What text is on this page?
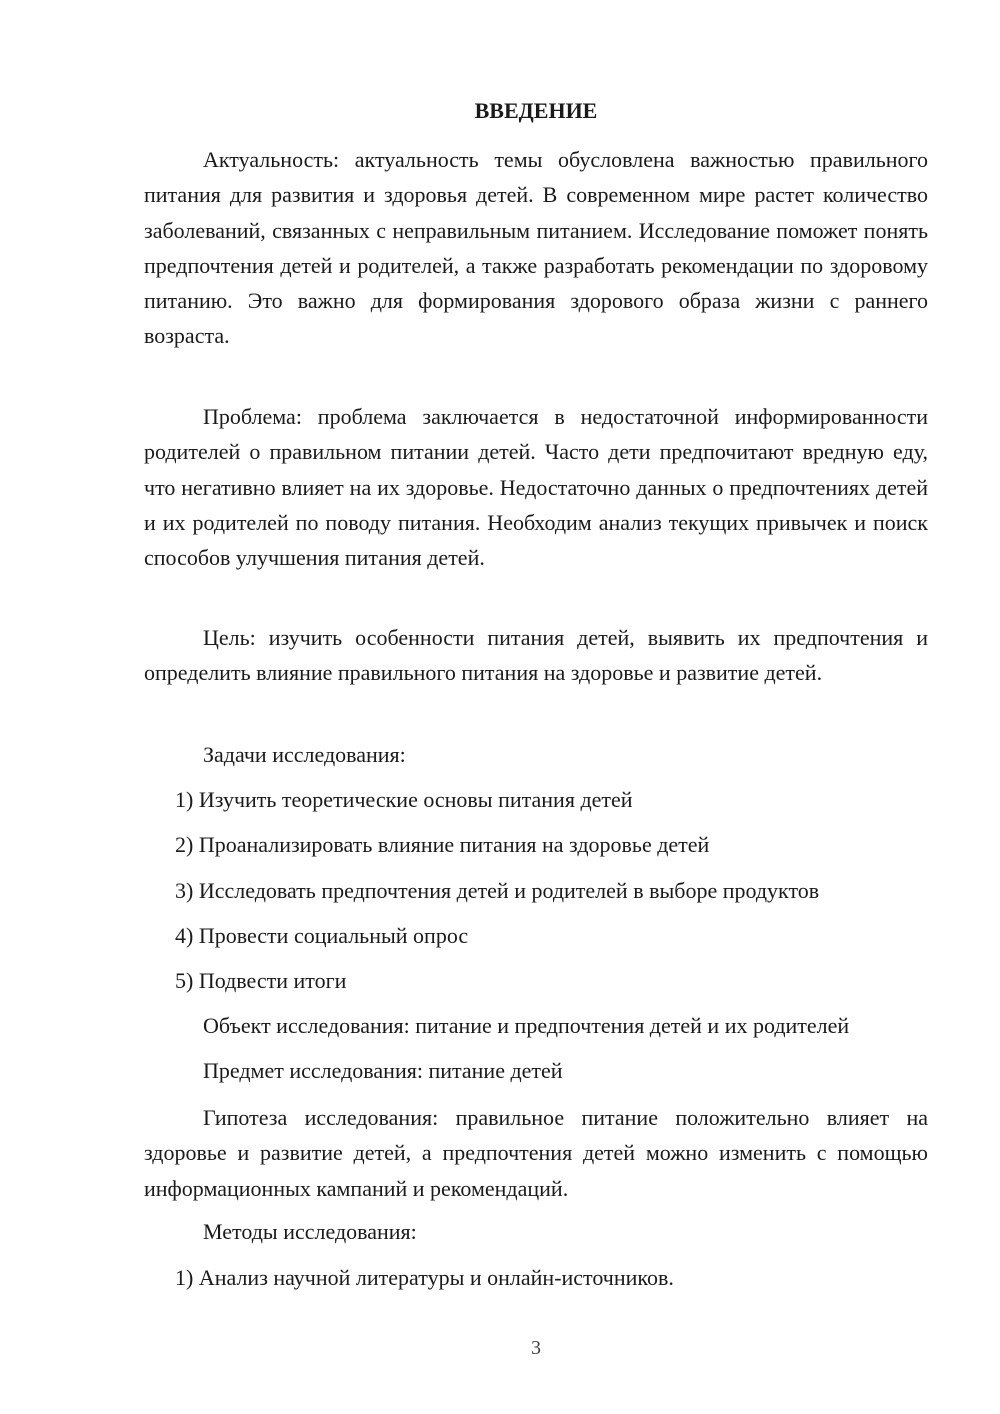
ВВЕДЕНИЕ
Актуальность: актуальность темы обусловлена важностью правильного питания для развития и здоровья детей. В современном мире растет количество заболеваний, связанных с неправильным питанием. Исследование поможет понять предпочтения детей и родителей, а также разработать рекомендации по здоровому питанию. Это важно для формирования здорового образа жизни с раннего возраста.
Проблема: проблема заключается в недостаточной информированности родителей о правильном питании детей. Часто дети предпочитают вредную еду, что негативно влияет на их здоровье. Недостаточно данных о предпочтениях детей и их родителей по поводу питания. Необходим анализ текущих привычек и поиск способов улучшения питания детей.
Цель: изучить особенности питания детей, выявить их предпочтения и определить влияние правильного питания на здоровье и развитие детей.
Задачи исследования:
1) Изучить теоретические основы питания детей
2) Проанализировать влияние питания на здоровье детей
3) Исследовать предпочтения детей и родителей в выборе продуктов
4) Провести социальный опрос
5) Подвести итоги
Объект исследования: питание и предпочтения детей и их родителей
Предмет исследования: питание детей
Гипотеза исследования: правильное питание положительно влияет на здоровье и развитие детей, а предпочтения детей можно изменить с помощью информационных кампаний и рекомендаций.
Методы исследования:
1) Анализ научной литературы и онлайн-источников.
3
